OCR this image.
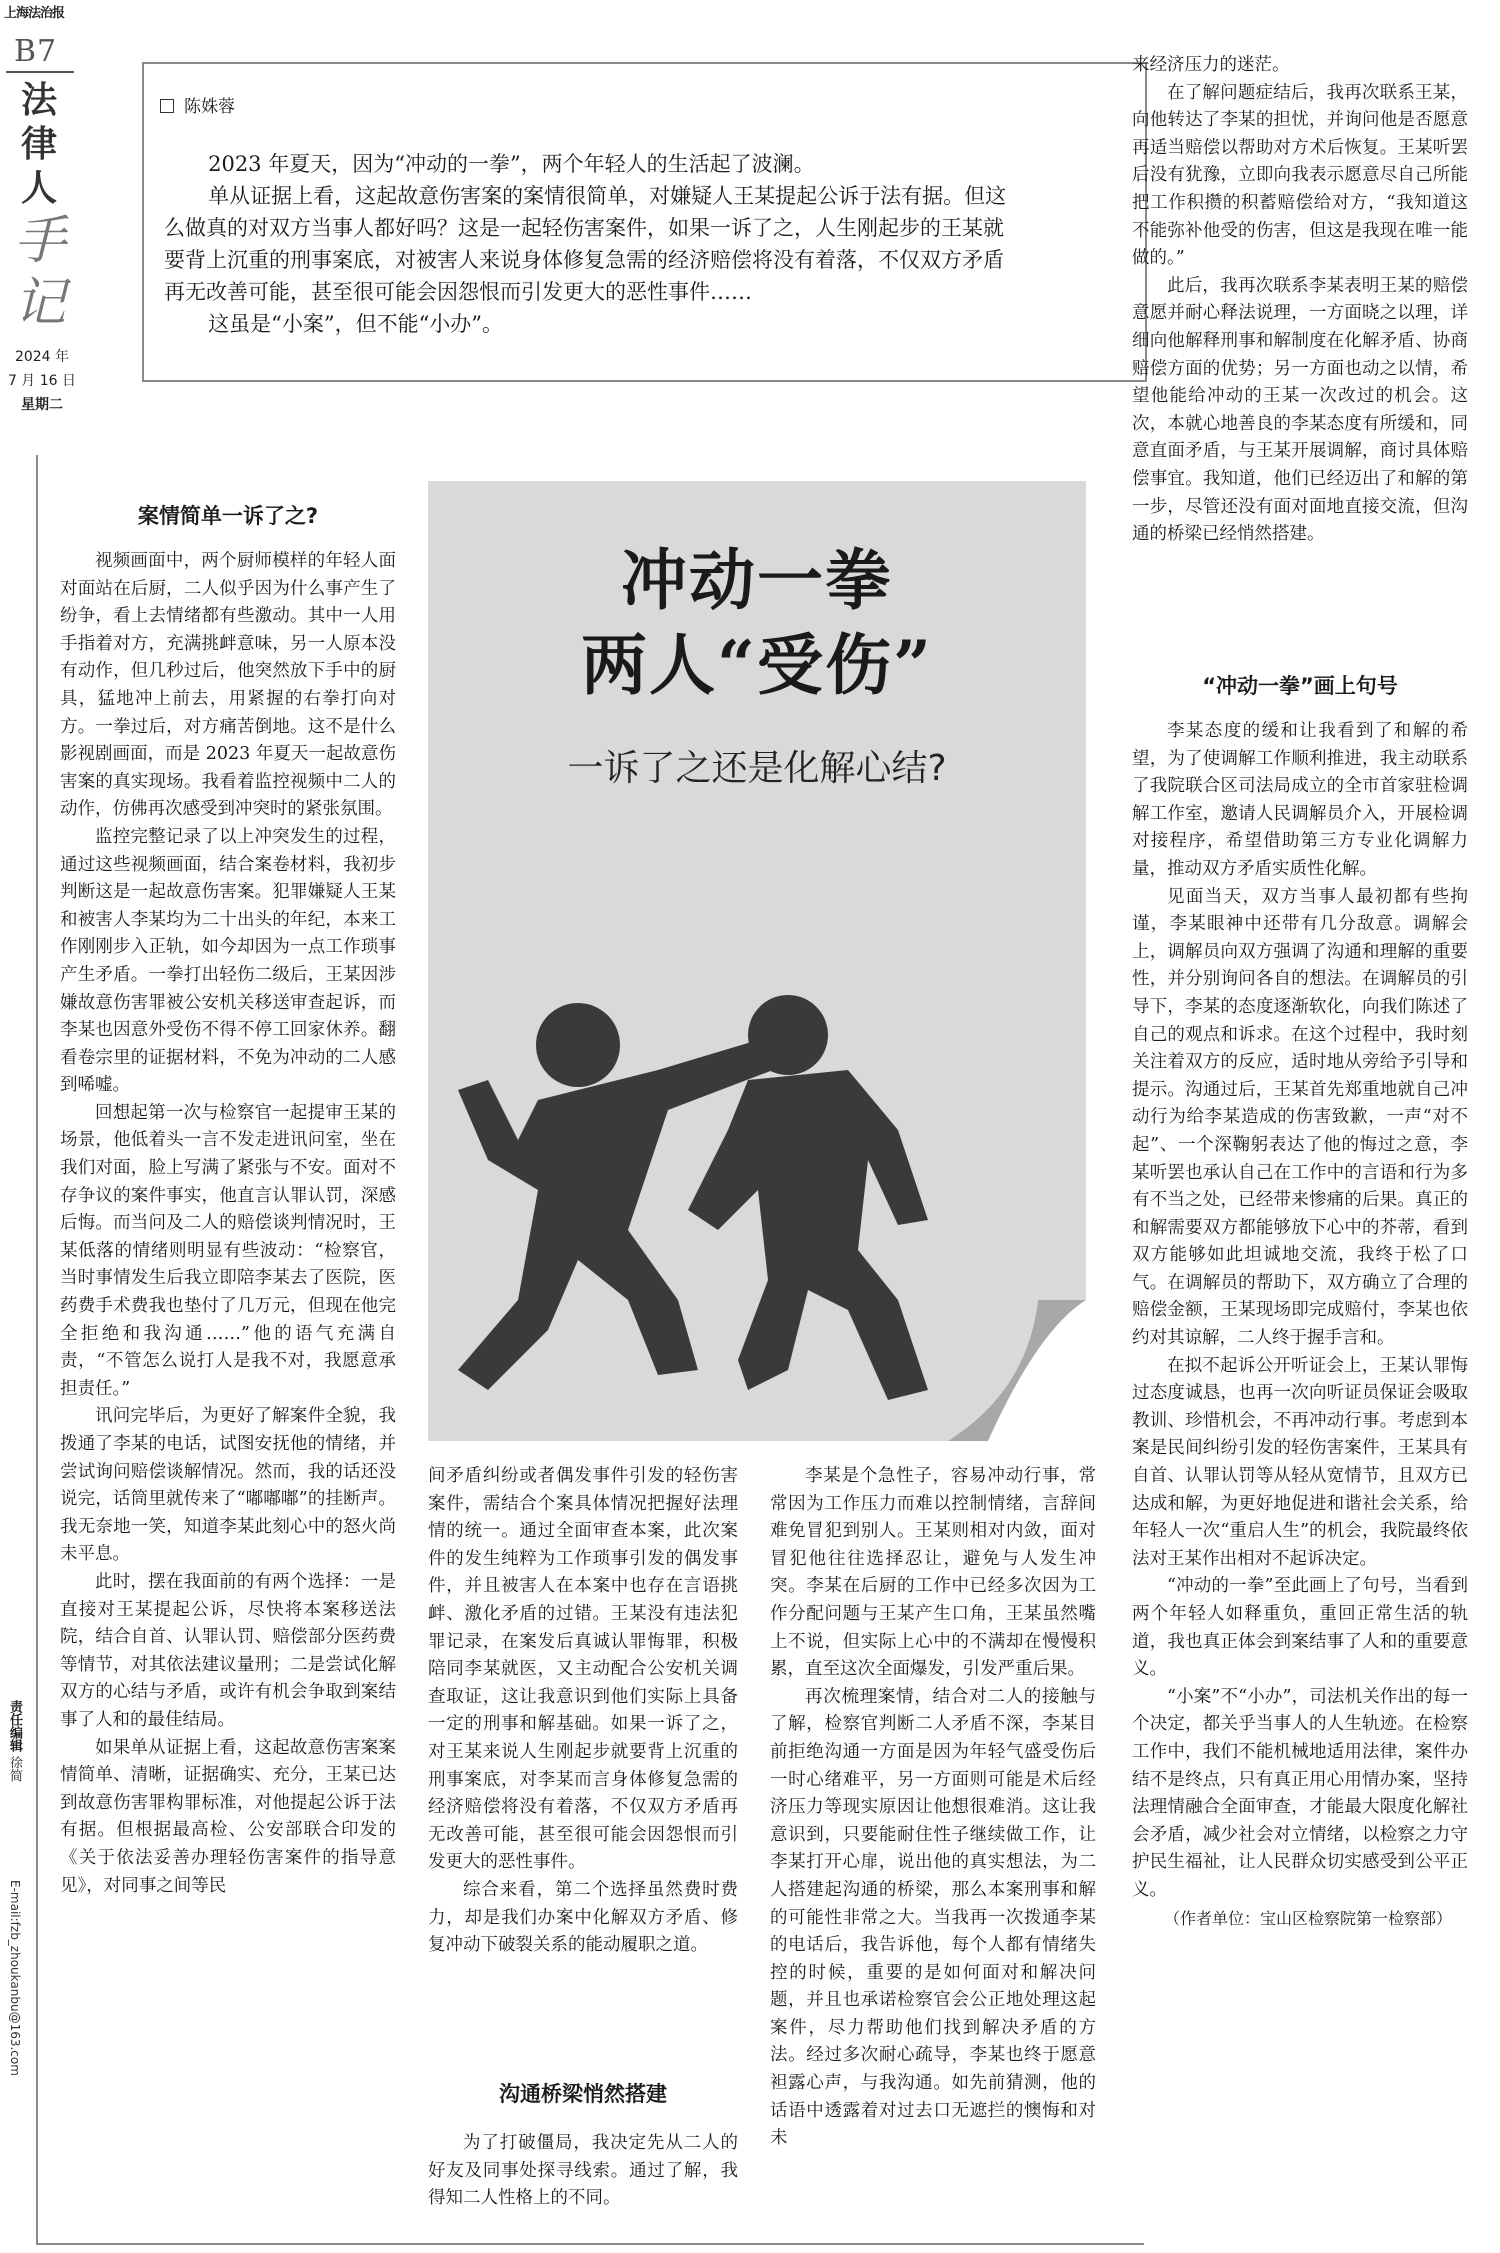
上海法治报
B7
法
律
人
手
记
2024 年
7 月 16 日
星期二
陈姝蓉

2023 年夏天，因为“冲动的一拳”，两个年轻人的生活起了波澜。

单从证据上看，这起故意伤害案的案情很简单，对嫌疑人王某提起公诉于法有据。但这么做真的对双方当事人都好吗？这是一起轻伤害案件，如果一诉了之，人生刚起步的王某就要背上沉重的刑事案底，对被害人来说身体修复急需的经济赔偿将没有着落，不仅双方矛盾再无改善可能，甚至很可能会因怨恨而引发更大的恶性事件……

这虽是“小案”，但不能“小办”。

案情简单一诉了之?

视频画面中，两个厨师模样的年轻人面对面站在后厨，二人似乎因为什么事产生了纷争，看上去情绪都有些激动。其中一人用手指着对方，充满挑衅意味，另一人原本没有动作，但几秒过后，他突然放下手中的厨具，猛地冲上前去，用紧握的右拳打向对方。一拳过后，对方痛苦倒地。这不是什么影视剧画面，而是 2023 年夏天一起故意伤害案的真实现场。我看着监控视频中二人的动作，仿佛再次感受到冲突时的紧张氛围。

监控完整记录了以上冲突发生的过程，通过这些视频画面，结合案卷材料，我初步判断这是一起故意伤害案。犯罪嫌疑人王某和被害人李某均为二十出头的年纪，本来工作刚刚步入正轨，如今却因为一点工作琐事产生矛盾。一拳打出轻伤二级后，王某因涉嫌故意伤害罪被公安机关移送审查起诉，而李某也因意外受伤不得不停工回家休养。翻看卷宗里的证据材料，不免为冲动的二人感到唏嘘。

回想起第一次与检察官一起提审王某的场景，他低着头一言不发走进讯问室，坐在我们对面，脸上写满了紧张与不安。面对不存争议的案件事实，他直言认罪认罚，深感后悔。而当问及二人的赔偿谈判情况时，王某低落的情绪则明显有些波动：“检察官，当时事情发生后我立即陪李某去了医院，医药费手术费我也垫付了几万元，但现在他完全拒绝和我沟通……”他的语气充满自责，“不管怎么说打人是我不对，我愿意承担责任。”

讯问完毕后，为更好了解案件全貌，我拨通了李某的电话，试图安抚他的情绪，并尝试询问赔偿谈解情况。然而，我的话还没说完，话筒里就传来了“嘟嘟嘟”的挂断声。我无奈地一笑，知道李某此刻心中的怒火尚未平息。

此时，摆在我面前的有两个选择：一是直接对王某提起公诉，尽快将本案移送法院，结合自首、认罪认罚、赔偿部分医药费等情节，对其依法建议量刑；二是尝试化解双方的心结与矛盾，或许有机会争取到案结事了人和的最佳结局。

如果单从证据上看，这起故意伤害案案情简单、清晰，证据确实、充分，王某已达到故意伤害罪构罪标准，对他提起公诉于法有据。但根据最高检、公安部联合印发的《关于依法妥善办理轻伤害案件的指导意见》，对同事之间等民

冲动一拳
两人“受伤”
一诉了之还是化解心结?

间矛盾纠纷或者偶发事件引发的轻伤害案件，需结合个案具体情况把握好法理情的统一。通过全面审查本案，此次案件的发生纯粹为工作琐事引发的偶发事件，并且被害人在本案中也存在言语挑衅、激化矛盾的过错。王某没有违法犯罪记录，在案发后真诚认罪悔罪，积极陪同李某就医，又主动配合公安机关调查取证，这让我意识到他们实际上具备一定的刑事和解基础。如果一诉了之，对王某来说人生刚起步就要背上沉重的刑事案底，对李某而言身体修复急需的经济赔偿将没有着落，不仅双方矛盾再无改善可能，甚至很可能会因怨恨而引发更大的恶性事件。

综合来看，第二个选择虽然费时费力，却是我们办案中化解双方矛盾、修复冲动下破裂关系的能动履职之道。

沟通桥梁悄然搭建

为了打破僵局，我决定先从二人的好友及同事处探寻线索。通过了解，我得知二人性格上的不同。

李某是个急性子，容易冲动行事，常常因为工作压力而难以控制情绪，言辞间难免冒犯到别人。王某则相对内敛，面对冒犯他往往选择忍让，避免与人发生冲突。李某在后厨的工作中已经多次因为工作分配问题与王某产生口角，王某虽然嘴上不说，但实际上心中的不满却在慢慢积累，直至这次全面爆发，引发严重后果。

再次梳理案情，结合对二人的接触与了解，检察官判断二人矛盾不深，李某目前拒绝沟通一方面是因为年轻气盛受伤后一时心绪难平，另一方面则可能是术后经济压力等现实原因让他想很难消。这让我意识到，只要能耐住性子继续做工作，让李某打开心扉，说出他的真实想法，为二人搭建起沟通的桥梁，那么本案刑事和解的可能性非常之大。当我再一次拨通李某的电话后，我告诉他，每个人都有情绪失控的时候，重要的是如何面对和解决问题，并且也承诺检察官会公正地处理这起案件，尽力帮助他们找到解决矛盾的方法。经过多次耐心疏导，李某也终于愿意袒露心声，与我沟通。如先前猜测，他的话语中透露着对过去口无遮拦的懊悔和对未

来经济压力的迷茫。

在了解问题症结后，我再次联系王某，向他转达了李某的担忧，并询问他是否愿意再适当赔偿以帮助对方术后恢复。王某听罢后没有犹豫，立即向我表示愿意尽自己所能把工作积攒的积蓄赔偿给对方，“我知道这不能弥补他受的伤害，但这是我现在唯一能做的。”

此后，我再次联系李某表明王某的赔偿意愿并耐心释法说理，一方面晓之以理，详细向他解释刑事和解制度在化解矛盾、协商赔偿方面的优势；另一方面也动之以情，希望他能给冲动的王某一次改过的机会。这次，本就心地善良的李某态度有所缓和，同意直面矛盾，与王某开展调解，商讨具体赔偿事宜。我知道，他们已经迈出了和解的第一步，尽管还没有面对面地直接交流，但沟通的桥梁已经悄然搭建。

“冲动一拳”画上句号

李某态度的缓和让我看到了和解的希望，为了使调解工作顺利推进，我主动联系了我院联合区司法局成立的全市首家驻检调解工作室，邀请人民调解员介入，开展检调对接程序，希望借助第三方专业化调解力量，推动双方矛盾实质性化解。

见面当天，双方当事人最初都有些拘谨，李某眼神中还带有几分敌意。调解会上，调解员向双方强调了沟通和理解的重要性，并分别询问各自的想法。在调解员的引导下，李某的态度逐渐软化，向我们陈述了自己的观点和诉求。在这个过程中，我时刻关注着双方的反应，适时地从旁给予引导和提示。沟通过后，王某首先郑重地就自己冲动行为给李某造成的伤害致歉，一声“对不起”、一个深鞠躬表达了他的悔过之意，李某听罢也承认自己在工作中的言语和行为多有不当之处，已经带来惨痛的后果。真正的和解需要双方都能够放下心中的芥蒂，看到双方能够如此坦诚地交流，我终于松了口气。在调解员的帮助下，双方确立了合理的赔偿金额，王某现场即完成赔付，李某也依约对其谅解，二人终于握手言和。

在拟不起诉公开听证会上，王某认罪悔过态度诚恳，也再一次向听证员保证会吸取教训、珍惜机会，不再冲动行事。考虑到本案是民间纠纷引发的轻伤害案件，王某具有自首、认罪认罚等从轻从宽情节，且双方已达成和解，为更好地促进和谐社会关系，给年轻人一次“重启人生”的机会，我院最终依法对王某作出相对不起诉决定。

“冲动的一拳”至此画上了句号，当看到两个年轻人如释重负，重回正常生活的轨道，我也真正体会到案结事了人和的重要意义。

“小案”不“小办”，司法机关作出的每一个决定，都关乎当事人的人生轨迹。在检察工作中，我们不能机械地适用法律，案件办结不是终点，只有真正用心用情办案，坚持法理情融合全面审查，才能最大限度化解社会矛盾，减少社会对立情绪，以检察之力守护民生福祉，让人民群众切实感受到公平正义。

（作者单位：宝山区检察院第一检察部）

责任编辑 徐简
E-mail:fzb_zhoukanbu@163.com
